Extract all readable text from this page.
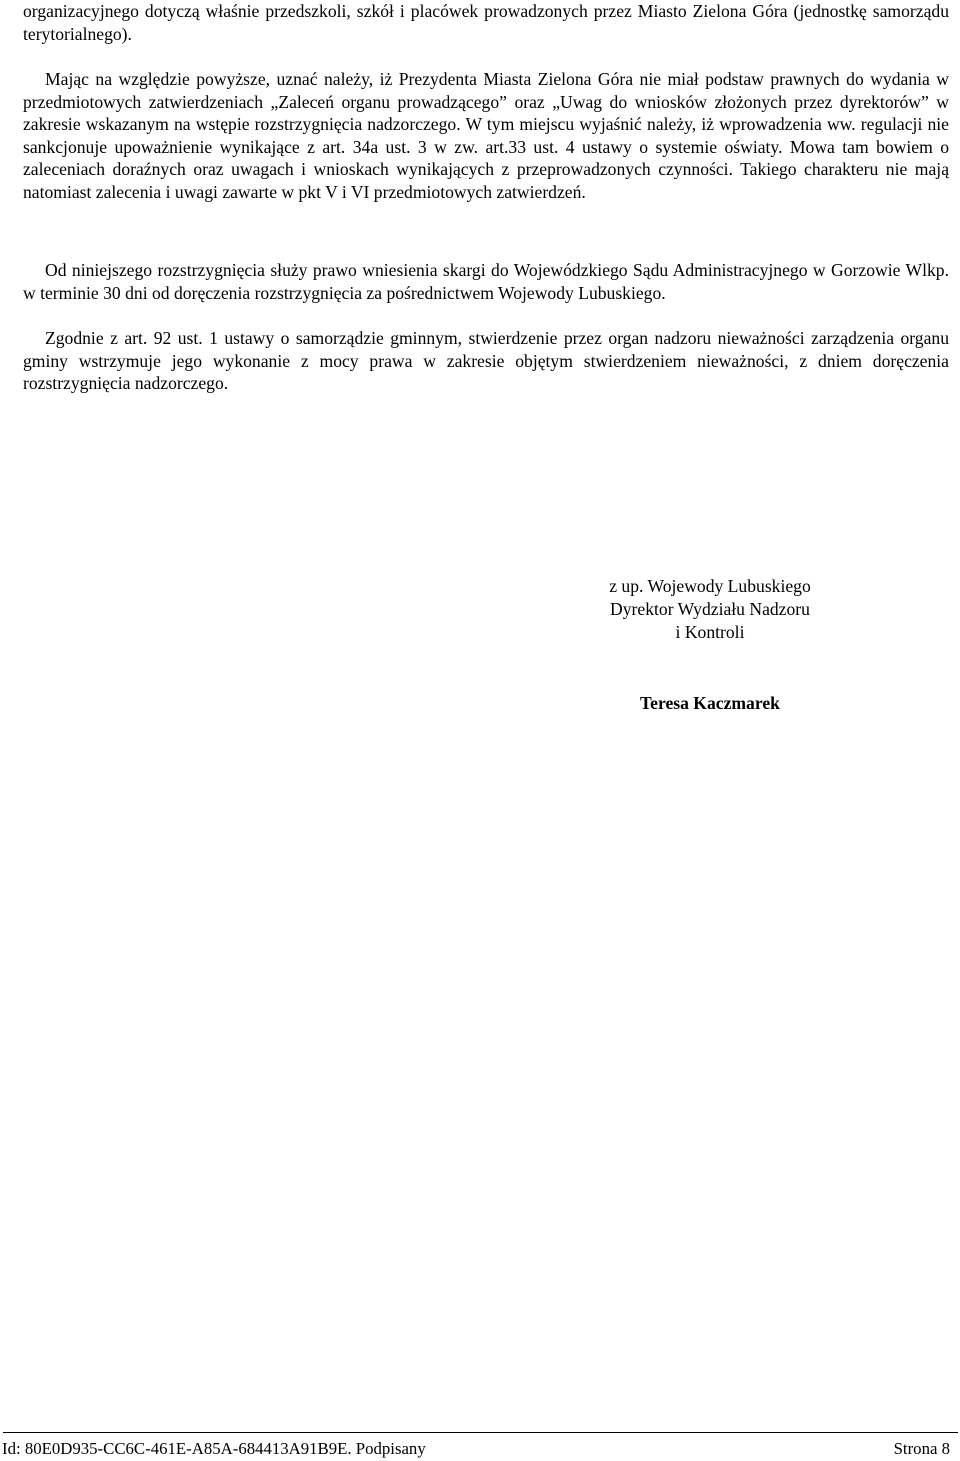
organizacyjnego dotyczą właśnie przedszkoli, szkół i placówek prowadzonych przez Miasto Zielona Góra (jednostkę samorządu terytorialnego).

Mając na względzie powyższe, uznać należy, iż Prezydenta Miasta Zielona Góra nie miał podstaw prawnych do wydania w przedmiotowych zatwierdzeniach „Zaleceń organu prowadzącego” oraz „Uwag do wniosków złożonych przez dyrektorów” w zakresie wskazanym na wstępie rozstrzygnięcia nadzorczego. W tym miejscu wyjaśnić należy, iż wprowadzenia ww. regulacji nie sankcjonuje upoważnienie wynikające z art. 34a ust. 3 w zw. art.33 ust. 4 ustawy o systemie oświaty. Mowa tam bowiem o zaleceniach doraźnych oraz uwagach i wnioskach wynikających z przeprowadzonych czynności. Takiego charakteru nie mają natomiast zalecenia i uwagi zawarte w pkt V i VI przedmiotowych zatwierdzeń.

Od niniejszego rozstrzygnięcia służy prawo wniesienia skargi do Wojewódzkiego Sądu Administracyjnego w Gorzowie Wlkp. w terminie 30 dni od doręczenia rozstrzygnięcia za pośrednictwem Wojewody Lubuskiego.

Zgodnie z art. 92 ust. 1 ustawy o samorządzie gminnym, stwierdzenie przez organ nadzoru nieważności zarządzenia organu gminy wstrzymuje jego wykonanie z mocy prawa w zakresie objętym stwierdzeniem nieważności, z dniem doręczenia rozstrzygnięcia nadzorczego.

z up. Wojewody Lubuskiego
Dyrektor Wydziału Nadzoru
i Kontroli
Teresa Kaczmarek
Id: 80E0D935-CC6C-461E-A85A-684413A91B9E. Podpisany	Strona 8
